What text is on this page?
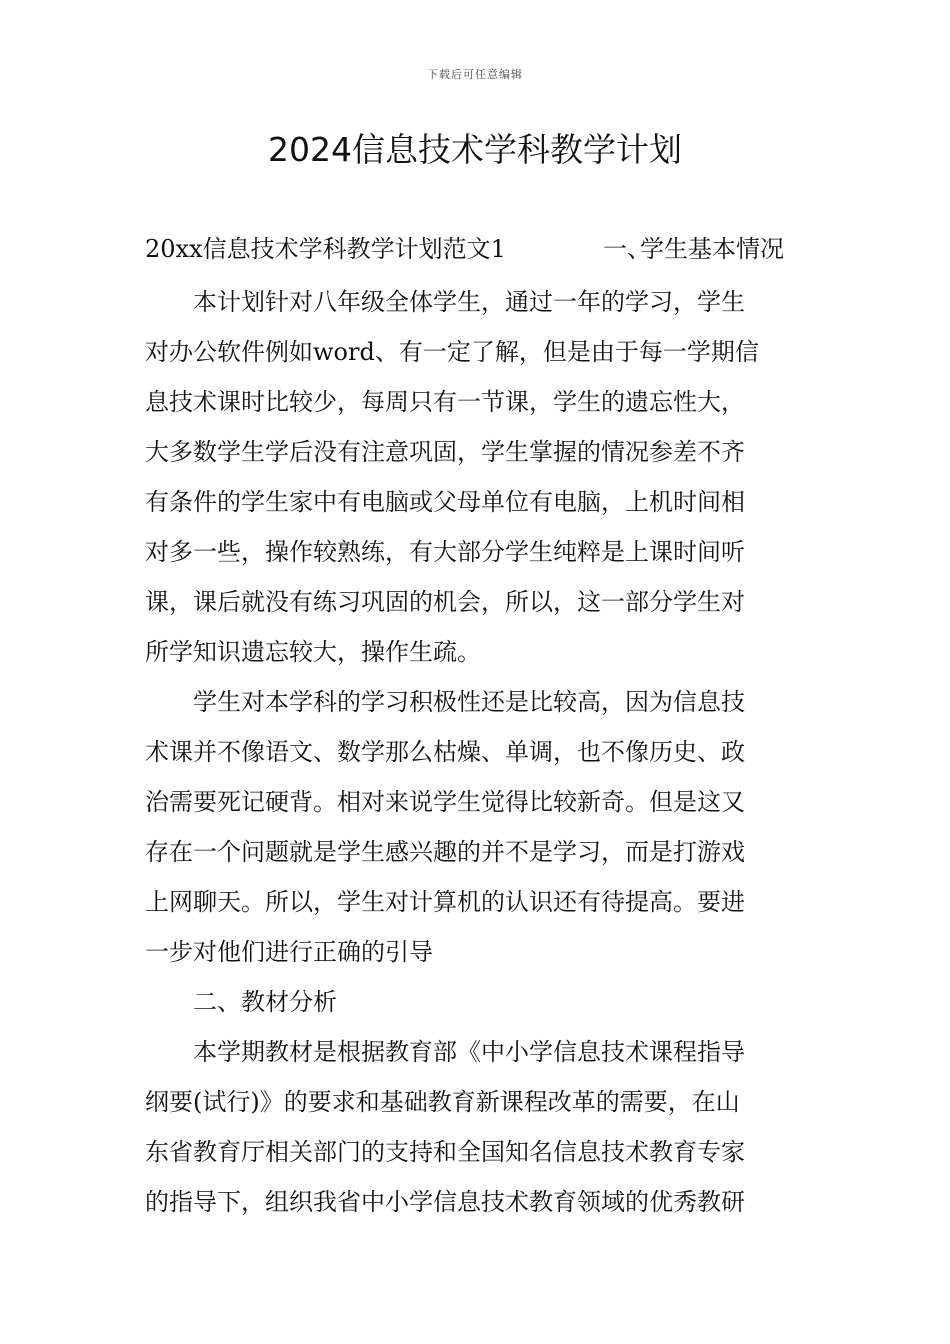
下载后可任意编辑
2024信息技术学科教学计划
20xx信息技术学科教学计划范文1	一、
学生基本情况
本计划针对八年级全体学生，通过一年的学习，学生
对办公软件例如word、有一定了解，但是由于每一学期信
息技术课时比较少，每周只有一节课，学生的遗忘性大，
大多数学生学后没有注意巩固，学生掌握的情况参差不齐
有条件的学生家中有电脑或父母单位有电脑，上机时间相
对多一些，操作较熟练，有大部分学生纯粹是上课时间听
课，课后就没有练习巩固的机会，所以，这一部分学生对
所学知识遗忘较大，操作生疏。
学生对本学科的学习积极性还是比较高，因为信息技
术课并不像语文、数学那么枯燥、单调，也不像历史、政
治需要死记硬背。相对来说学生觉得比较新奇。但是这又
存在一个问题就是学生感兴趣的并不是学习，而是打游戏
上网聊天。所以，学生对计算机的认识还有待提高。要进
一步对他们进行正确的引导

二、教材分析

本学期教材是根据教育部《中小学信息技术课程指导
纲要(试行)》的要求和基础教育新课程改革的需要，在山
东省教育厅相关部门的支持和全国知名信息技术教育专家
的指导下，组织我省中小学信息技术教育领域的优秀教研
